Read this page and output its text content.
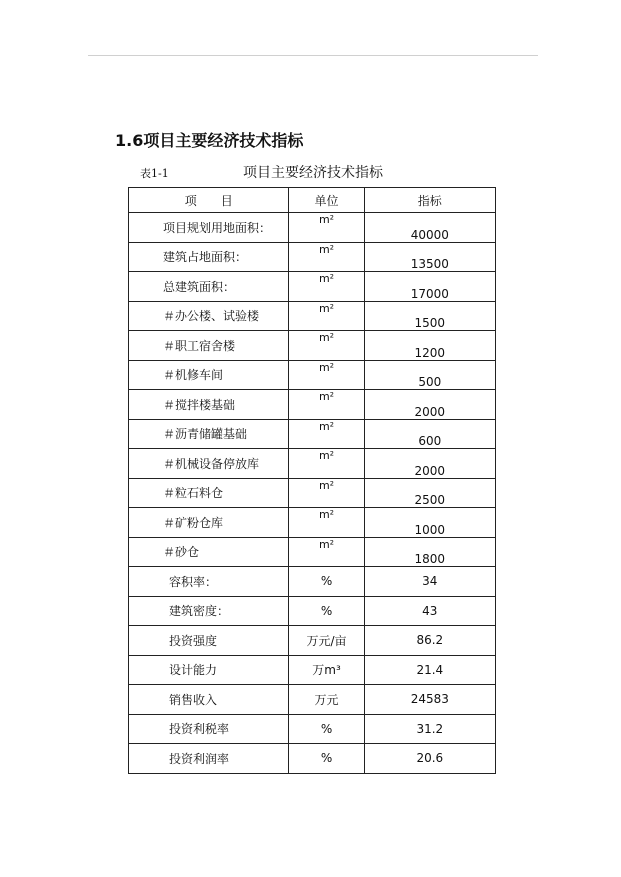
1.6项目主要经济技术指标
表1-1	项目主要经济技术指标
项　　目	单位	指标
项目规划用地面积：	m²	40000
建筑占地面积：	m²	13500
总建筑面积：	m²	17000
＃办公楼、试验楼	m²	1500
＃职工宿舍楼	m²	1200
＃机修车间	m²	500
＃搅拌楼基础	m²	2000
＃沥青储罐基础	m²	600
＃机械设备停放库	m²	2000
＃粒石料仓	m²	2500
＃矿粉仓库	m²	1000
＃砂仓	m²	1800
容积率：	%	34
建筑密度：	%	43
投资强度	万元/亩	86.2
设计能力	万m³	21.4
销售收入	万元	24583
投资利税率	%	31.2
投资利润率	%	20.6
